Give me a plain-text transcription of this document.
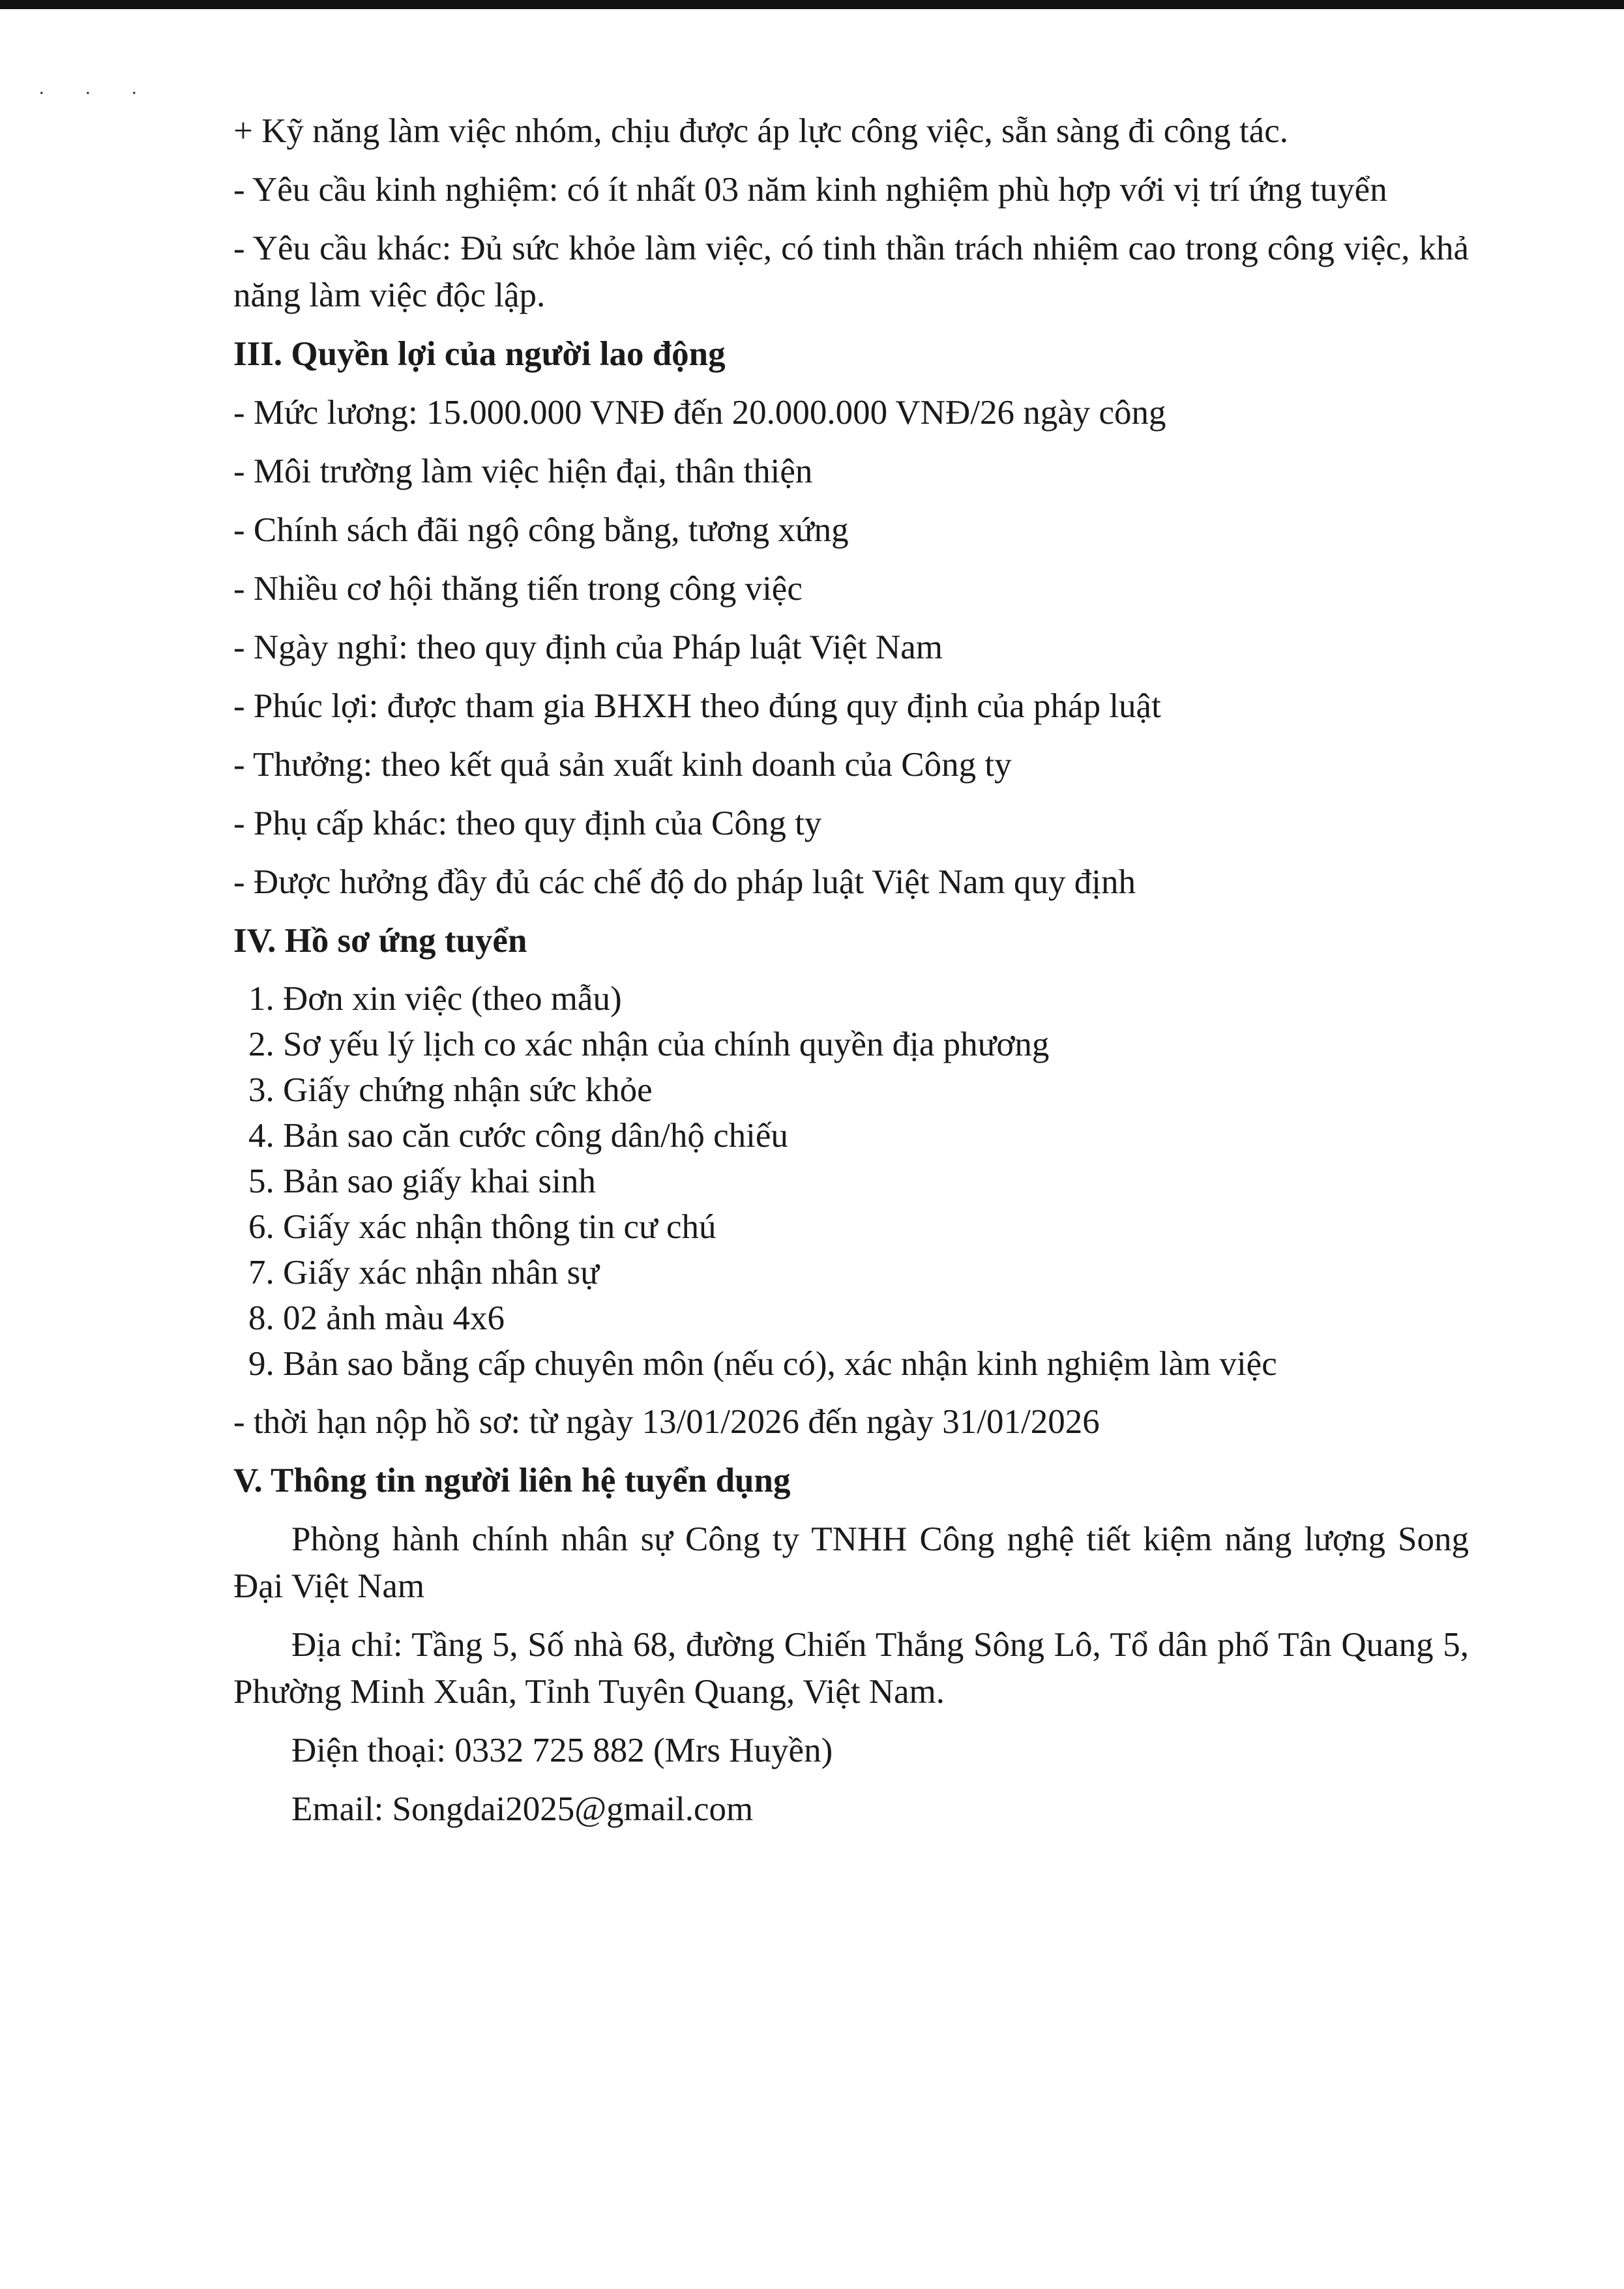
. . .

+ Kỹ năng làm việc nhóm, chịu được áp lực công việc, sẵn sàng đi công tác.

- Yêu cầu kinh nghiệm: có ít nhất 03 năm kinh nghiệm phù hợp với vị trí ứng tuyển

- Yêu cầu khác: Đủ sức khỏe làm việc, có tinh thần trách nhiệm cao trong công việc, khả năng làm việc độc lập.

III. Quyền lợi của người lao động

- Mức lương: 15.000.000 VNĐ đến 20.000.000 VNĐ/26 ngày công

- Môi trường làm việc hiện đại, thân thiện

- Chính sách đãi ngộ công bằng, tương xứng

- Nhiều cơ hội thăng tiến trong công việc

- Ngày nghỉ: theo quy định của Pháp luật Việt Nam

- Phúc lợi: được tham gia BHXH theo đúng quy định của pháp luật

- Thưởng: theo kết quả sản xuất kinh doanh của Công ty

- Phụ cấp khác: theo quy định của Công ty

- Được hưởng đầy đủ các chế độ do pháp luật Việt Nam quy định

IV. Hồ sơ ứng tuyển

1. Đơn xin việc (theo mẫu)
2. Sơ yếu lý lịch co xác nhận của chính quyền địa phương
3. Giấy chứng nhận sức khỏe
4. Bản sao căn cước công dân/hộ chiếu
5. Bản sao giấy khai sinh
6. Giấy xác nhận thông tin cư chú
7. Giấy xác nhận nhân sự
8. 02 ảnh màu 4x6
9. Bản sao bằng cấp chuyên môn (nếu có), xác nhận kinh nghiệm làm việc

- thời hạn nộp hồ sơ: từ ngày 13/01/2026 đến ngày 31/01/2026

V. Thông tin người liên hệ tuyển dụng

Phòng hành chính nhân sự Công ty TNHH Công nghệ tiết kiệm năng lượng Song Đại Việt Nam

Địa chỉ: Tầng 5, Số nhà 68, đường Chiến Thắng Sông Lô, Tổ dân phố Tân Quang 5, Phường Minh Xuân, Tỉnh Tuyên Quang, Việt Nam.

Điện thoại: 0332 725 882 (Mrs Huyền)

Email: Songdai2025@gmail.com
